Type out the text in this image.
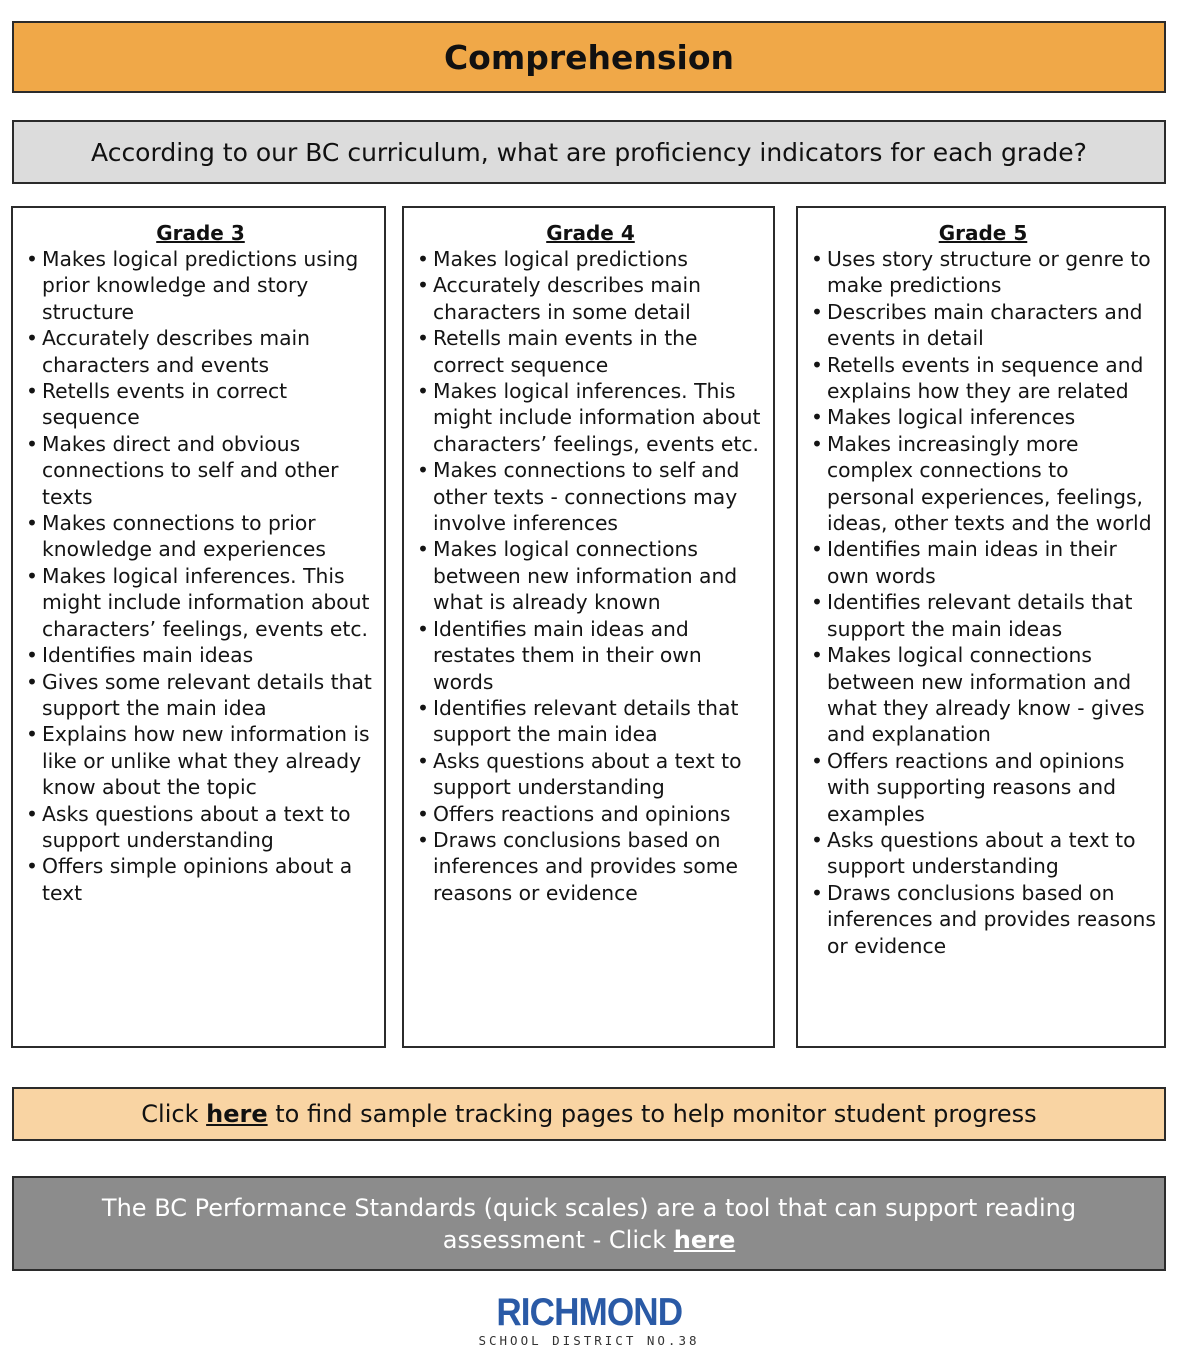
Comprehension
According to our BC curriculum, what are proficiency indicators for each grade?
Grade 3
• Makes logical predictions using prior knowledge and story structure
• Accurately describes main characters and events
• Retells events in correct sequence
• Makes direct and obvious connections to self and other texts
• Makes connections to prior knowledge and experiences
• Makes logical inferences. This might include information about characters’ feelings, events etc.
• Identifies main ideas
• Gives some relevant details that support the main idea
• Explains how new information is like or unlike what they already know about the topic
• Asks questions about a text to support understanding
• Offers simple opinions about a text
Grade 4
• Makes logical predictions
• Accurately describes main characters in some detail
• Retells main events in the correct sequence
• Makes logical inferences. This might include information about characters’ feelings, events etc.
• Makes connections to self and other texts - connections may involve inferences
• Makes logical connections between new information and what is already known
• Identifies main ideas and restates them in their own words
• Identifies relevant details that support the main idea
• Asks questions about a text to support understanding
• Offers reactions and opinions
• Draws conclusions based on inferences and provides some reasons or evidence
Grade 5
• Uses story structure or genre to make predictions
• Describes main characters and events in detail
• Retells events in sequence and explains how they are related
• Makes logical inferences
• Makes increasingly more complex connections to personal experiences, feelings, ideas, other texts and the world
• Identifies main ideas in their own words
• Identifies relevant details that support the main ideas
• Makes logical connections between new information and what they already know - gives and explanation
• Offers reactions and opinions with supporting reasons and examples
• Asks questions about a text to support understanding
• Draws conclusions based on inferences and provides reasons or evidence
Click here to find sample tracking pages to help monitor student progress
The BC Performance Standards (quick scales) are a tool that can support reading assessment - Click here
RICHMOND
SCHOOL DISTRICT NO.38
